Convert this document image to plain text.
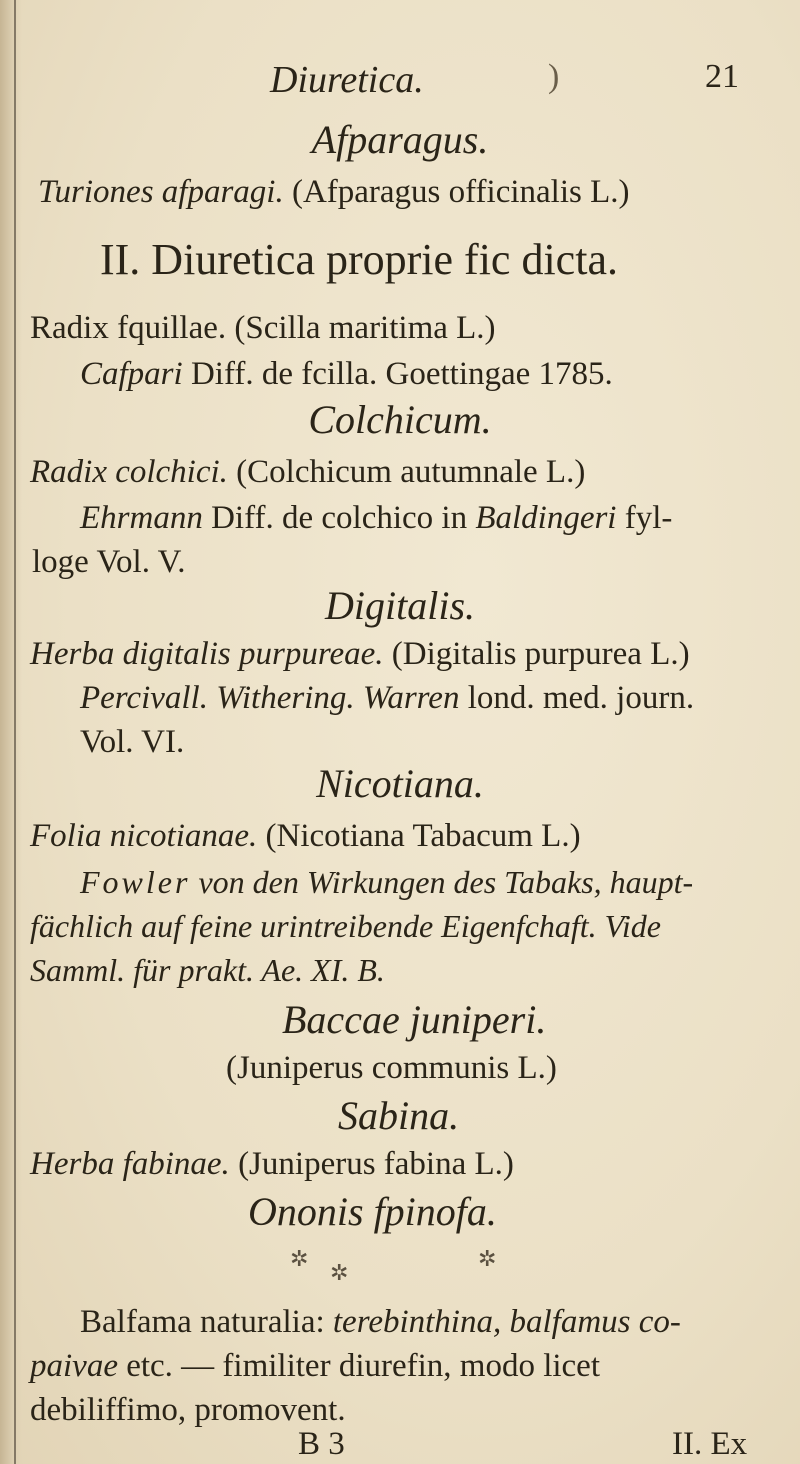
Diuretica.	)	21
Afparagus.
Turiones afparagi. (Afparagus officinalis L.)
II. Diuretica proprie fic dicta.
Radix fquillae. (Scilla maritima L.)
Cafpari Diff. de fcilla. Goettingae 1785.
Colchicum.
Radix colchici. (Colchicum autumnale L.)
Ehrmann Diff. de colchico in Baldingeri fyl-
loge Vol. V.
Digitalis.
Herba digitalis purpureae. (Digitalis purpurea L.)
Percivall. Withering. Warren lond. med. journ.
Vol. VI.
Nicotiana.
Folia nicotianae. (Nicotiana Tabacum L.)
Fowler von den Wirkungen des Tabaks, haupt-
fächlich auf feine urintreibende Eigenfchaft. Vide
Samml. für prakt. Ae. XI. B.
Baccae juniperi.
(Juniperus communis L.)
Sabina.
Herba fabinae. (Juniperus fabina L.)
Ononis fpinofa.
✲
✲
✲
Balfama naturalia: terebinthina, balfamus co-
paivae etc. — fimiliter diurefin, modo licet
debiliffimo, promovent.
B 3	II. Ex
